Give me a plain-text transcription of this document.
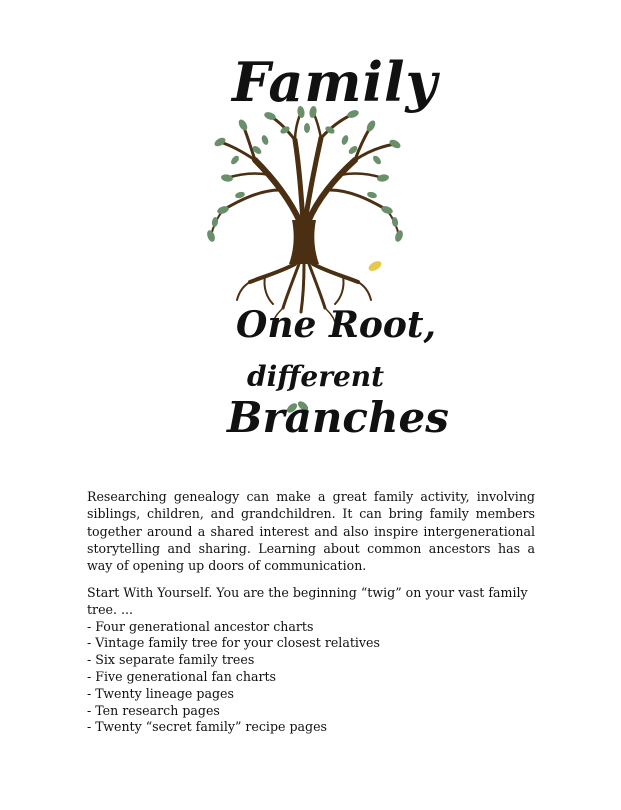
Family

One Root,

different

Branches

Researching genealogy can make a great family activity, involving siblings, children, and grandchildren. It can bring family members together around a shared interest and also inspire intergenerational storytelling and sharing. Learning about common ancestors has a way of opening up doors of communication.

Start With Yourself. You are the beginning “twig” on your vast family tree. ...

- Four generational ancestor charts
- Vintage family tree for your closest relatives
- Six separate family trees
- Five generational fan charts
- Twenty lineage pages
- Ten research pages
- Twenty “secret family” recipe pages
